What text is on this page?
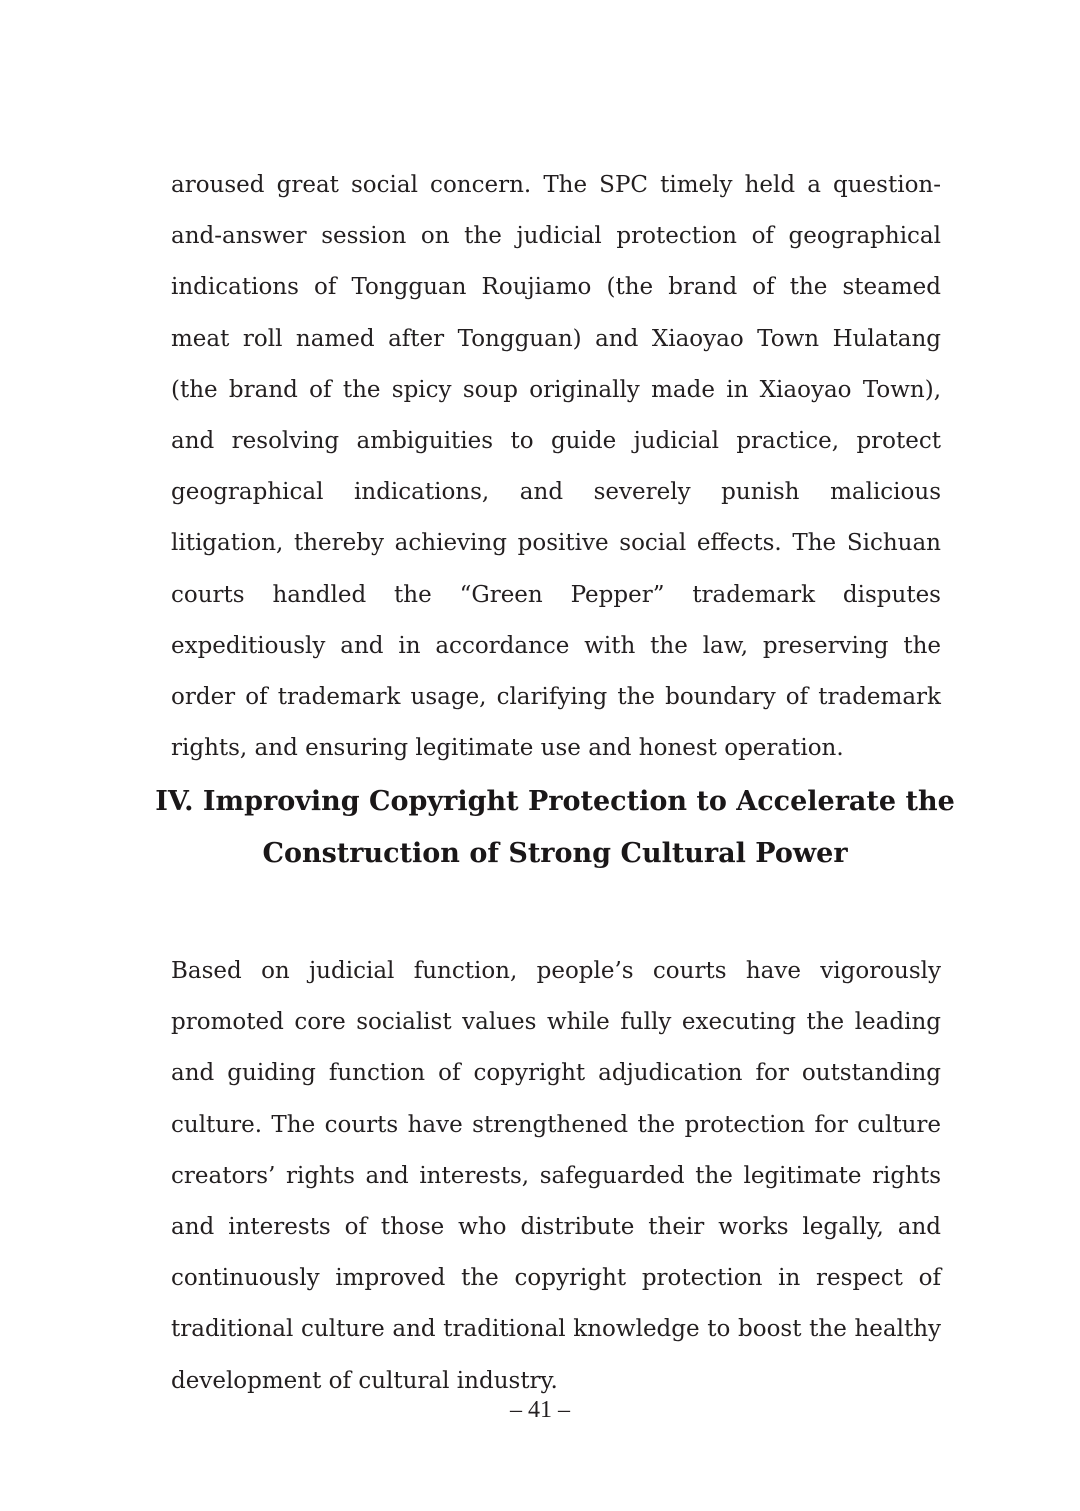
aroused great social concern. The SPC timely held a question-and-answer session on the judicial protection of geographical indications of Tongguan Roujiamo (the brand of the steamed meat roll named after Tongguan) and Xiaoyao Town Hulatang (the brand of the spicy soup originally made in Xiaoyao Town), and resolving ambiguities to guide judicial practice, protect geographical indications, and severely punish malicious litigation, thereby achieving positive social effects. The Sichuan courts handled the “Green Pepper” trademark disputes expeditiously and in accordance with the law, preserving the order of trademark usage, clarifying the boundary of trademark rights, and ensuring legitimate use and honest operation.

IV. Improving Copyright Protection to Accelerate the
Construction of Strong Cultural Power

Based on judicial function, people’s courts have vigorously promoted core socialist values while fully executing the leading and guiding function of copyright adjudication for outstanding culture. The courts have strengthened the protection for culture creators’ rights and interests, safeguarded the legitimate rights and interests of those who distribute their works legally, and continuously improved the copyright protection in respect of traditional culture and traditional knowledge to boost the healthy development of cultural industry.

– 41 –
